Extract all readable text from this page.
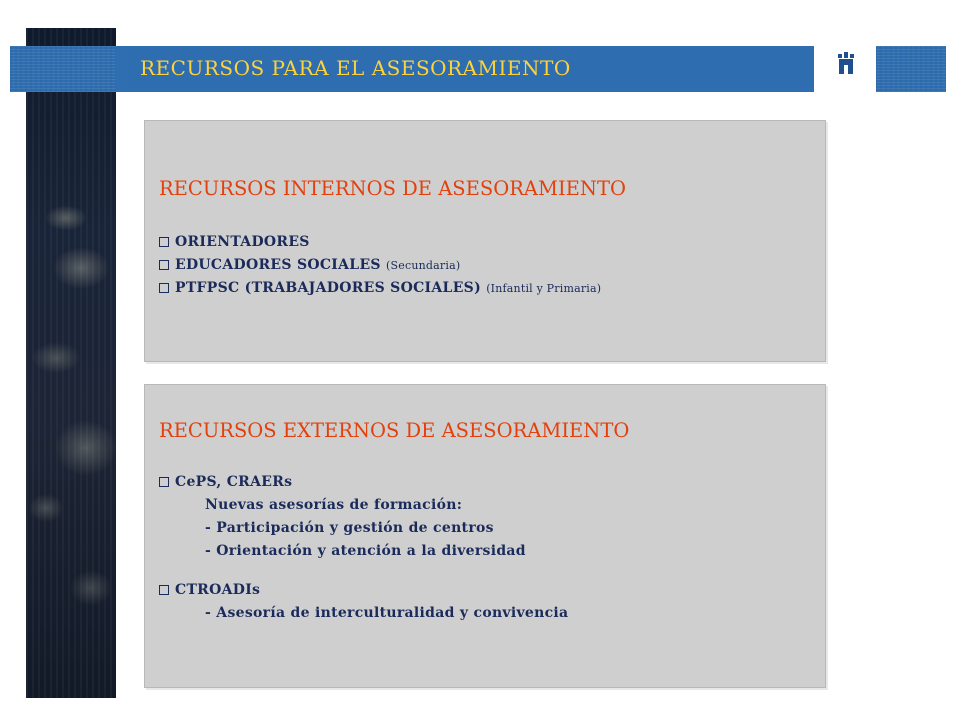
RECURSOS PARA EL ASESORAMIENTO

RECURSOS INTERNOS DE ASESORAMIENTO
ORIENTADORES
EDUCADORES SOCIALES (Secundaria)
PTFPSC (TRABAJADORES SOCIALES) (Infantil y Primaria)
RECURSOS EXTERNOS DE ASESORAMIENTO
CePS, CRAERs
Nuevas asesorías de formación:
- Participación y gestión de centros
- Orientación y atención a la diversidad
CTROADIs
- Asesoría de interculturalidad y convivencia
